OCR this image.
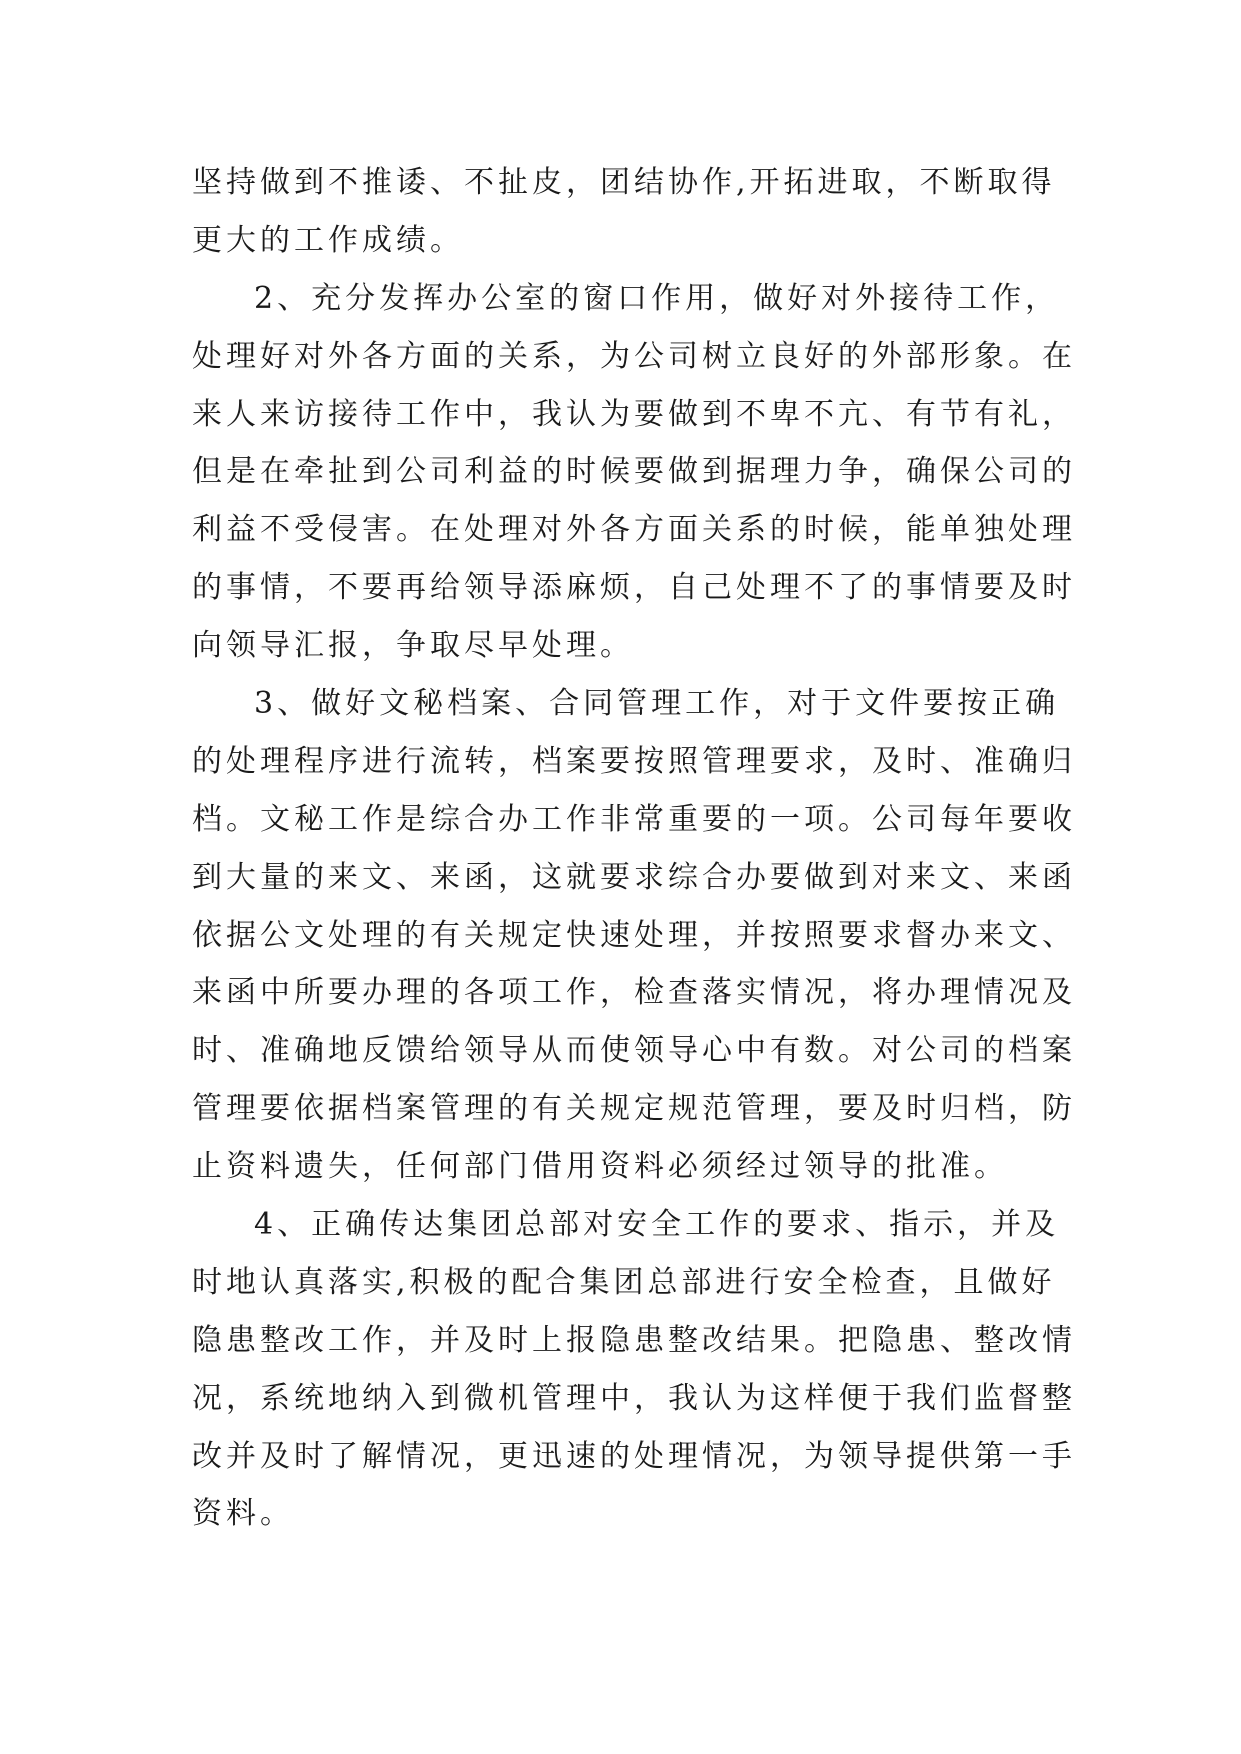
坚持做到不推诿、不扯皮，团结协作,开拓进取，不断取得
更大的工作成绩。
2、充分发挥办公室的窗口作用，做好对外接待工作，
处理好对外各方面的关系，为公司树立良好的外部形象。在
来人来访接待工作中，我认为要做到不卑不亢、有节有礼，
但是在牵扯到公司利益的时候要做到据理力争，确保公司的
利益不受侵害。在处理对外各方面关系的时候，能单独处理
的事情，不要再给领导添麻烦，自己处理不了的事情要及时
向领导汇报，争取尽早处理。
3、做好文秘档案、合同管理工作，对于文件要按正确
的处理程序进行流转，档案要按照管理要求，及时、准确归
档。文秘工作是综合办工作非常重要的一项。公司每年要收
到大量的来文、来函，这就要求综合办要做到对来文、来函
依据公文处理的有关规定快速处理，并按照要求督办来文、
来函中所要办理的各项工作，检查落实情况，将办理情况及
时、准确地反馈给领导从而使领导心中有数。对公司的档案
管理要依据档案管理的有关规定规范管理，要及时归档，防
止资料遗失，任何部门借用资料必须经过领导的批准。
4、正确传达集团总部对安全工作的要求、指示，并及
时地认真落实,积极的配合集团总部进行安全检查，且做好
隐患整改工作，并及时上报隐患整改结果。把隐患、整改情
况，系统地纳入到微机管理中，我认为这样便于我们监督整
改并及时了解情况，更迅速的处理情况，为领导提供第一手
资料。
